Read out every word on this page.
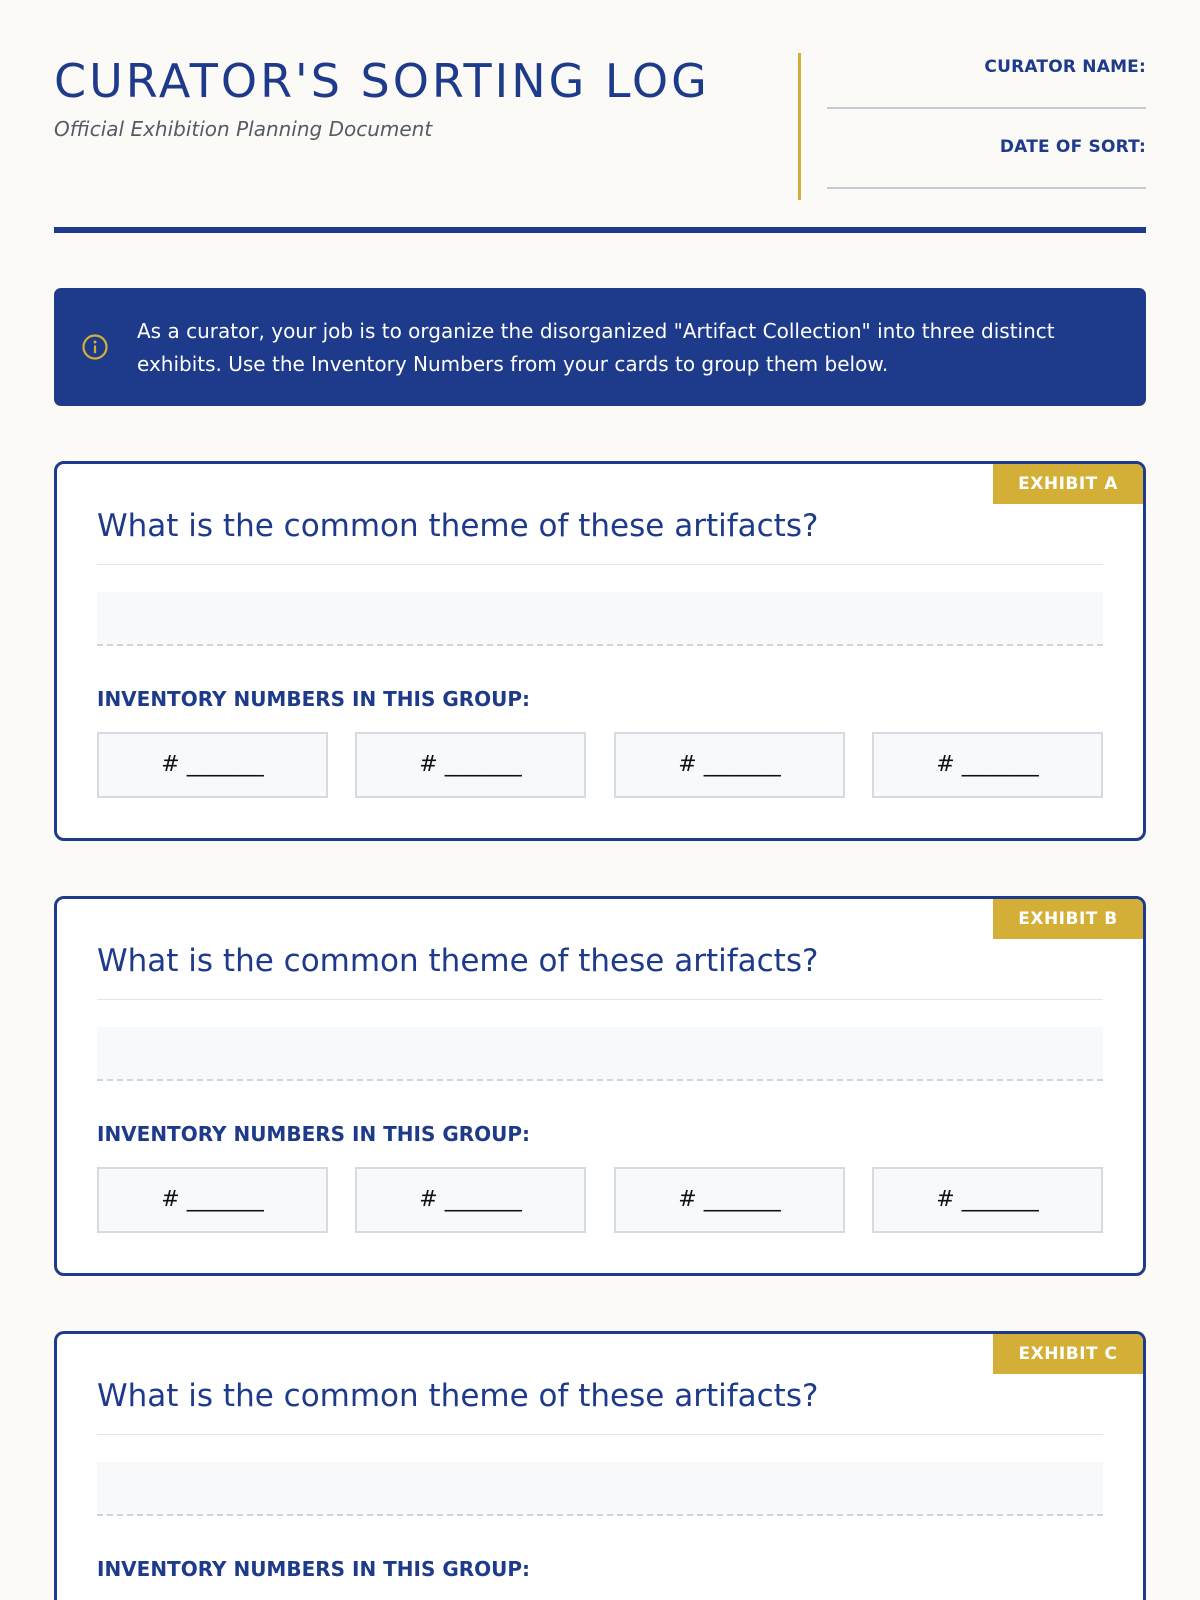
CURATOR'S SORTING LOG
Official Exhibition Planning Document
CURATOR NAME:
DATE OF SORT:
As a curator, your job is to organize the disorganized "Artifact Collection" into three distinct exhibits. Use the Inventory Numbers from your cards to group them below.
EXHIBIT A
What is the common theme of these artifacts?
INVENTORY NUMBERS IN THIS GROUP:
# _______	# _______	# _______	# _______
EXHIBIT B
What is the common theme of these artifacts?
INVENTORY NUMBERS IN THIS GROUP:
# _______	# _______	# _______	# _______
EXHIBIT C
What is the common theme of these artifacts?
INVENTORY NUMBERS IN THIS GROUP:
